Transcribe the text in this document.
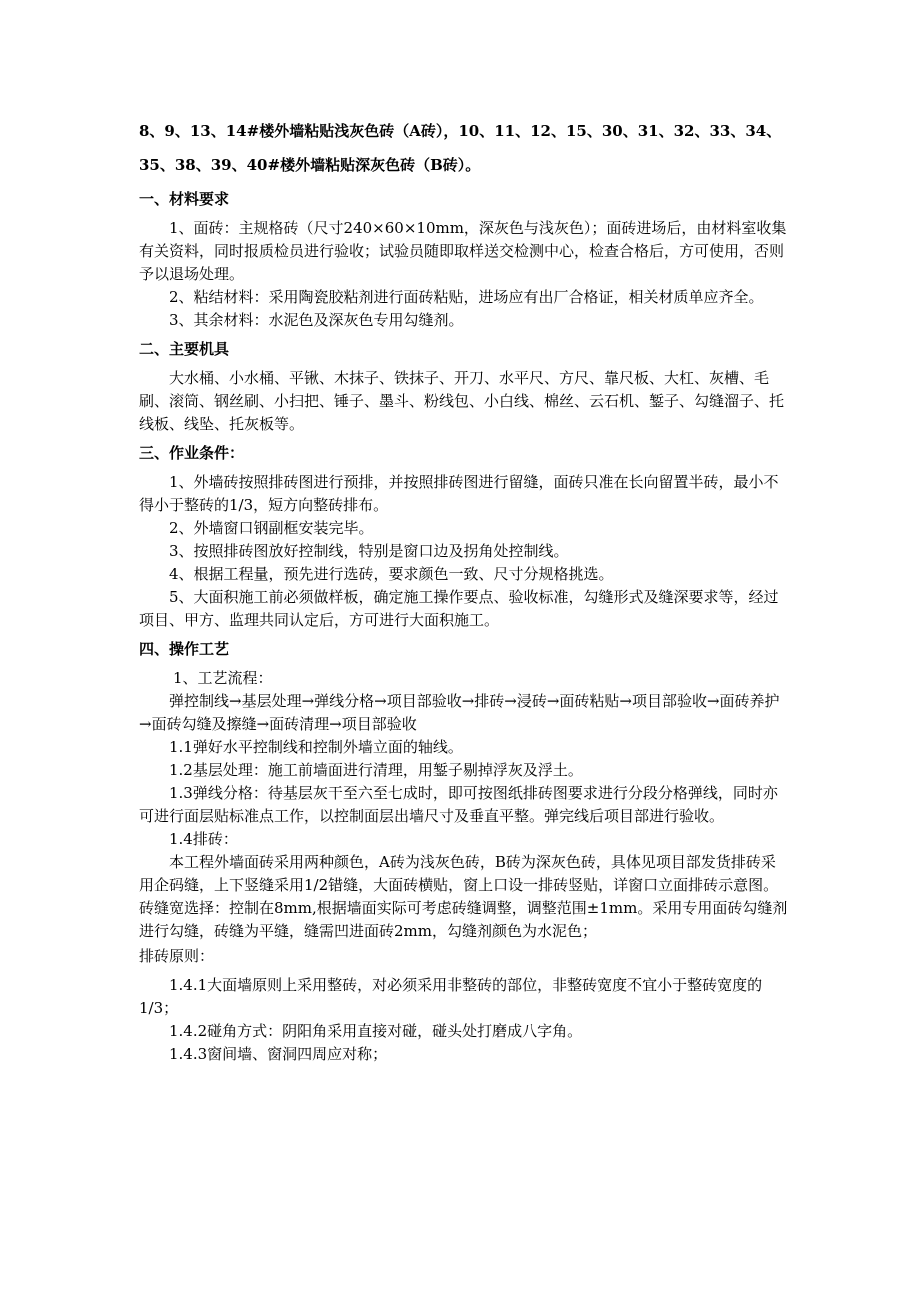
8、9、13、14#楼外墙粘贴浅灰色砖（A砖），10、11、12、15、30、31、32、33、34、35、38、39、40#楼外墙粘贴深灰色砖（B砖）。

一、材料要求

1、面砖：主规格砖（尺寸240×60×10mm，深灰色与浅灰色）；面砖进场后，由材料室收集有关资料，同时报质检员进行验收；试验员随即取样送交检测中心，检查合格后，方可使用，否则予以退场处理。

2、粘结材料：采用陶瓷胶粘剂进行面砖粘贴，进场应有出厂合格证，相关材质单应齐全。

3、其余材料：水泥色及深灰色专用勾缝剂。

二、主要机具

大水桶、小水桶、平锹、木抹子、铁抹子、开刀、水平尺、方尺、靠尺板、大杠、灰槽、毛刷、滚筒、钢丝刷、小扫把、锤子、墨斗、粉线包、小白线、棉丝、云石机、錾子、勾缝溜子、托线板、线坠、托灰板等。

三、作业条件：

1、外墙砖按照排砖图进行预排，并按照排砖图进行留缝，面砖只准在长向留置半砖，最小不得小于整砖的1/3，短方向整砖排布。

2、外墙窗口钢副框安装完毕。

3、按照排砖图放好控制线，特别是窗口边及拐角处控制线。

4、根据工程量，预先进行选砖，要求颜色一致、尺寸分规格挑选。

5、大面积施工前必须做样板，确定施工操作要点、验收标准，勾缝形式及缝深要求等，经过项目、甲方、监理共同认定后，方可进行大面积施工。

四、操作工艺

1、工艺流程：

弹控制线→基层处理→弹线分格→项目部验收→排砖→浸砖→面砖粘贴→项目部验收→面砖养护→面砖勾缝及擦缝→面砖清理→项目部验收

1.1弹好水平控制线和控制外墙立面的轴线。

1.2基层处理：施工前墙面进行清理，用錾子剔掉浮灰及浮土。

1.3弹线分格：待基层灰干至六至七成时，即可按图纸排砖图要求进行分段分格弹线，同时亦可进行面层贴标准点工作，以控制面层出墙尺寸及垂直平整。弹完线后项目部进行验收。

1.4排砖：

本工程外墙面砖采用两种颜色，A砖为浅灰色砖，B砖为深灰色砖，具体见项目部发货排砖采用企码缝，上下竖缝采用1/2错缝，大面砖横贴，窗上口设一排砖竖贴，详窗口立面排砖示意图。砖缝宽选择：控制在8mm,根据墙面实际可考虑砖缝调整，调整范围±1mm。采用专用面砖勾缝剂进行勾缝，砖缝为平缝，缝需凹进面砖2mm，勾缝剂颜色为水泥色；

排砖原则：

1.4.1大面墙原则上采用整砖，对必须采用非整砖的部位，非整砖宽度不宜小于整砖宽度的1/3；

1.4.2碰角方式：阴阳角采用直接对碰，碰头处打磨成八字角。

1.4.3窗间墙、窗洞四周应对称；
